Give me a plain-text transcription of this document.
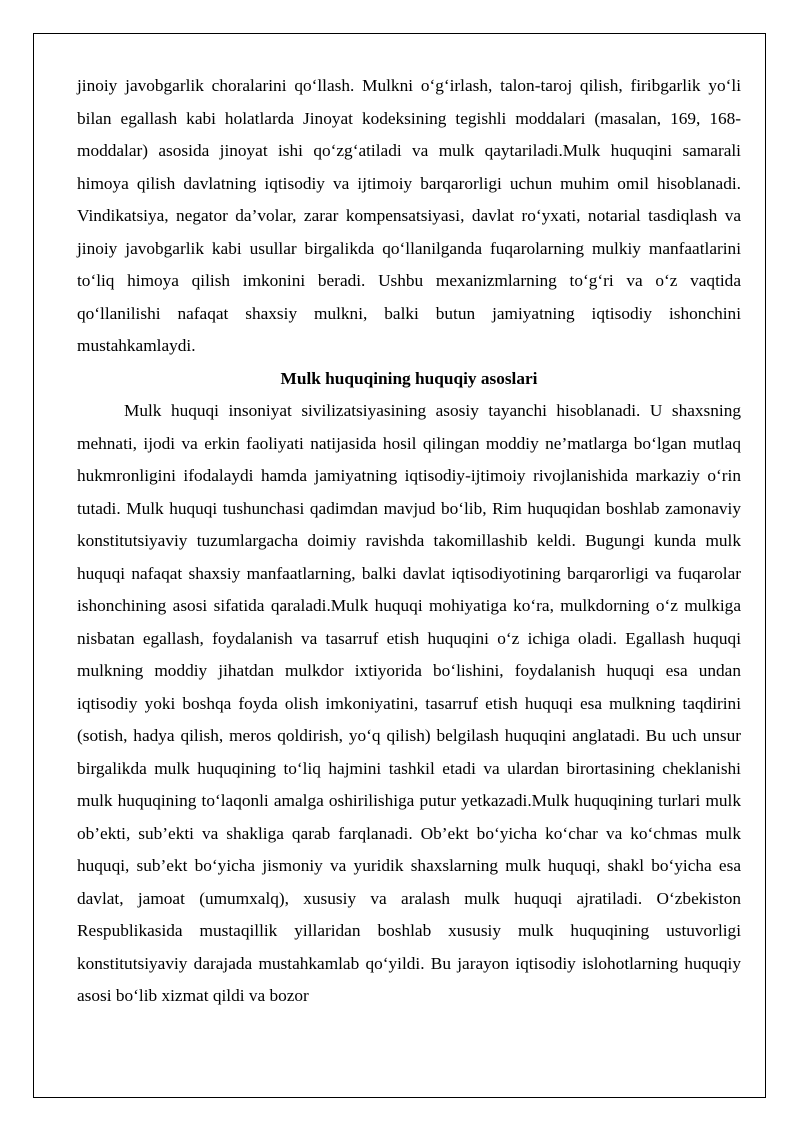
jinoiy javobgarlik choralarini qo‘llash. Mulkni o‘g‘irlash, talon-taroj qilish, firibgarlik yo‘li bilan egallash kabi holatlarda Jinoyat kodeksining tegishli moddalari (masalan, 169, 168-moddalar) asosida jinoyat ishi qo‘zg‘atiladi va mulk qaytariladi.Mulk huquqini samarali himoya qilish davlatning iqtisodiy va ijtimoiy barqarorligi uchun muhim omil hisoblanadi. Vindikatsiya, negator da’volar, zarar kompensatsiyasi, davlat ro‘yxati, notarial tasdiqlash va jinoiy javobgarlik kabi usullar birgalikda qo‘llanilganda fuqarolarning mulkiy manfaatlarini to‘liq himoya qilish imkonini beradi. Ushbu mexanizmlarning to‘g‘ri va o‘z vaqtida qo‘llanilishi nafaqat shaxsiy mulkni, balki butun jamiyatning iqtisodiy ishonchini mustahkamlaydi.

Mulk huquqining huquqiy asoslari

Mulk huquqi insoniyat sivilizatsiyasining asosiy tayanchi hisoblanadi. U shaxsning mehnati, ijodi va erkin faoliyati natijasida hosil qilingan moddiy ne’matlarga bo‘lgan mutlaq hukmronligini ifodalaydi hamda jamiyatning iqtisodiy-ijtimoiy rivojlanishida markaziy o‘rin tutadi. Mulk huquqi tushunchasi qadimdan mavjud bo‘lib, Rim huquqidan boshlab zamonaviy konstitutsiyaviy tuzumlargacha doimiy ravishda takomillashib keldi. Bugungi kunda mulk huquqi nafaqat shaxsiy manfaatlarning, balki davlat iqtisodiyotining barqarorligi va fuqarolar ishonchining asosi sifatida qaraladi.Mulk huquqi mohiyatiga ko‘ra, mulkdorning o‘z mulkiga nisbatan egallash, foydalanish va tasarruf etish huquqini o‘z ichiga oladi. Egallash huquqi mulkning moddiy jihatdan mulkdor ixtiyorida bo‘lishini, foydalanish huquqi esa undan iqtisodiy yoki boshqa foyda olish imkoniyatini, tasarruf etish huquqi esa mulkning taqdirini (sotish, hadya qilish, meros qoldirish, yo‘q qilish) belgilash huquqini anglatadi. Bu uch unsur birgalikda mulk huquqining to‘liq hajmini tashkil etadi va ulardan birortasining cheklanishi mulk huquqining to‘laqonli amalga oshirilishiga putur yetkazadi.Mulk huquqining turlari mulk ob’ekti, sub’ekti va shakliga qarab farqlanadi. Ob’ekt bo‘yicha ko‘char va ko‘chmas mulk huquqi, sub’ekt bo‘yicha jismoniy va yuridik shaxslarning mulk huquqi, shakl bo‘yicha esa davlat, jamoat (umumxalq), xususiy va aralash mulk huquqi ajratiladi. O‘zbekiston Respublikasida mustaqillik yillaridan boshlab xususiy mulk huquqining ustuvorligi konstitutsiyaviy darajada mustahkamlab qo‘yildi. Bu jarayon iqtisodiy islohotlarning huquqiy asosi bo‘lib xizmat qildi va bozor
